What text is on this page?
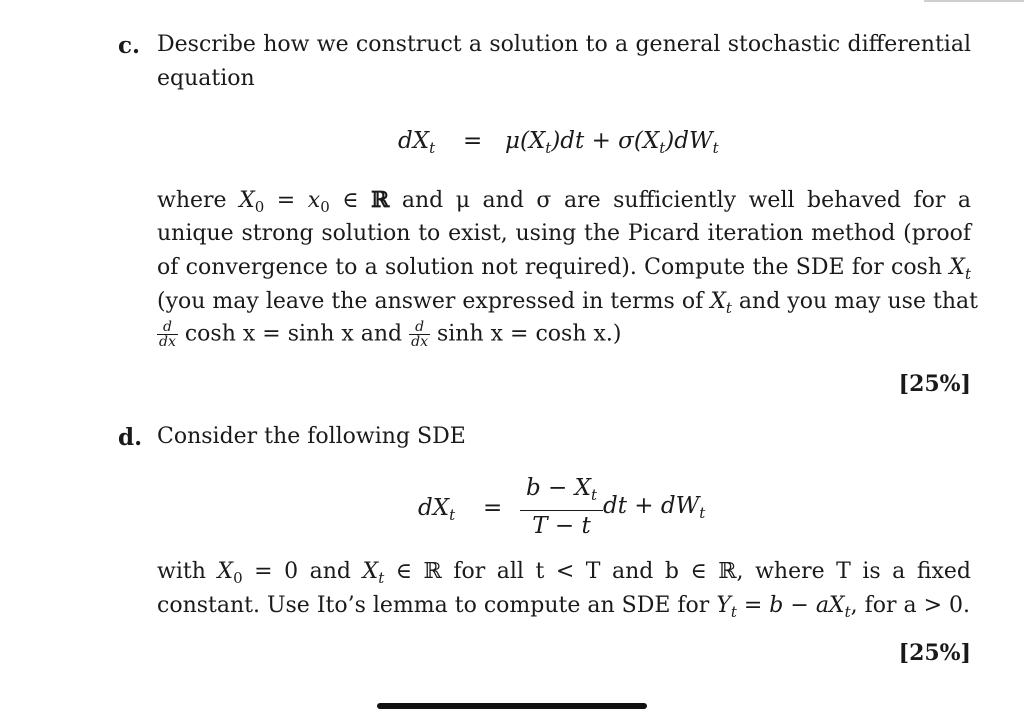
c. Describe how we construct a solution to a general stochastic differential
equation
$dX_t = \mu(X_t)dt + \sigma(X_t)dW_t$
where $X_0 = x_0$ ∈ ℝ and μ and σ are sufficiently well behaved for a
unique strong solution to exist, using the Picard iteration method (proof
of convergence to a solution not required). Compute the SDE for $\cosh X_t$
(you may leave the answer expressed in terms of $X_t$ and you may use that
$\frac{d}{dx}$ cosh x = sinh x and $\frac{d}{dx}$ sinh x = cosh x.)
[25%]
d. Consider the following SDE
$dX_t = \frac{b - X_t}{T - t}$ dt + $dW_t$
with $X_0 = 0$ and $X_t$ ∈ ℝ for all t < T and b ∈ ℝ, where T is a fixed
constant. Use Ito’s lemma to compute an SDE for $Y_t = b - aX_t$, for a > 0.
[25%]
